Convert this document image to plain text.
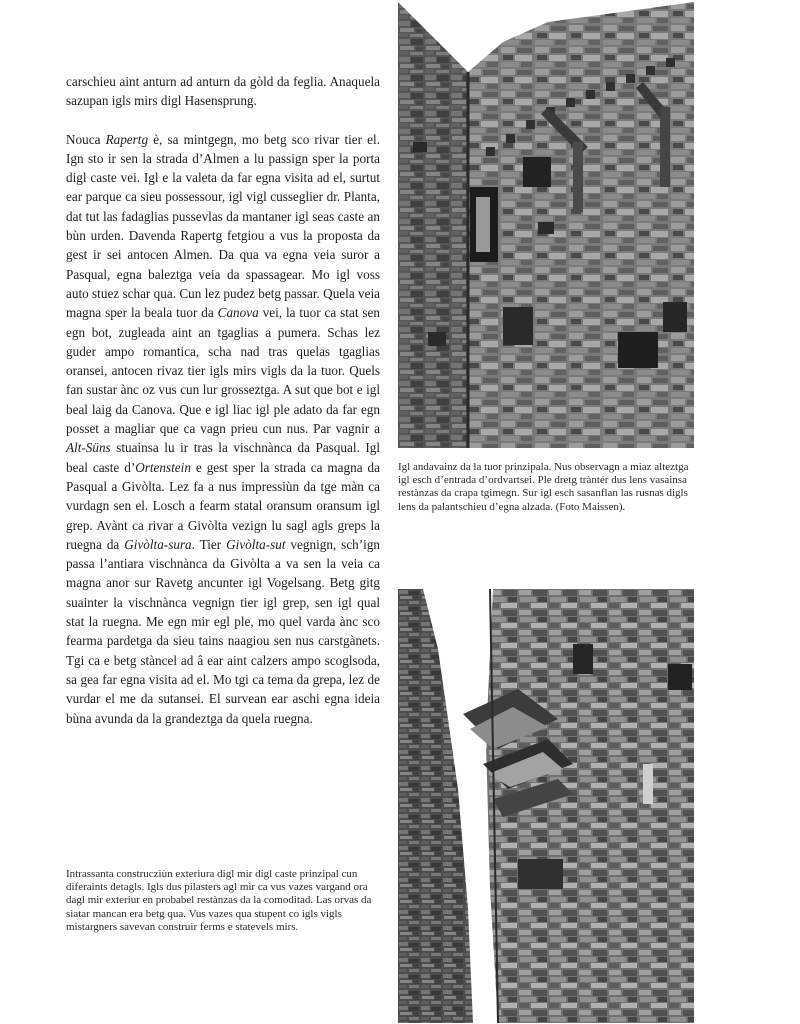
carschieu aint anturn ad anturn da gòld da feglia. Anaquela sazupan igls mirs digl Hasensprung.

Nouca Rapertg è, sa mintgegn, mo betg sco rivar tier el. Ign sto ir sen la strada d’Almen a lu passign sper la porta digl caste vei. Igl e la valeta da far egna visita ad el, surtut ear parque ca sieu possessour, igl vigl cusseglier dr. Planta, dat tut las fadaglias pussevlas da mantaner igl seas caste an bùn urden. Davenda Rapertg fetgiou a vus la proposta da gest ir sei antocen Almen. Da qua va egna veia suror a Pasqual, egna baleztga veia da spassagear. Mo igl voss auto stuez schar qua. Cun lez pudez betg passar. Quela veia magna sper la beala tuor da Canova vei, la tuor ca stat sen egn bot, zugleada aint an tgaglias a pumera. Schas lez guder ampo romantica, scha nad tras quelas tgaglias oransei, antocen rivaz tier igls mirs vigls da la tuor. Quels fan sustar ànc oz vus cun lur grosseztga. A sut que bot e igl beal laig da Canova. Que e igl liac igl ple adato da far egn posset a magliar que ca vagn prieu cun nus. Par vagnir a Alt-Süns stuainsa lu ir tras la vischnànca da Pasqual. Igl beal caste d’Ortenstein e gest sper la strada ca magna da Pasqual a Givòlta. Lez fa a nus impressiùn da tge màn ca vurdagn sen el. Losch a fearm statal oransum oransum igl grep. Avànt ca rivar a Givòlta vezign lu sagl agls greps la ruegna da Givòlta-sura. Tier Givòlta-sut vegnign, sch’ign passa l’antiara vischnànca da Givòlta a va sen la veia ca magna anor sur Ravetg ancunter igl Vogelsang. Betg gitg suainter la vischnànca vegnign tier igl grep, sen igl qual stat la ruegna. Me egn mir egl ple, mo quel varda ànc sco fearma pardetga da sieu tains naagiou sen nus carstgànets. Tgi ca e betg stàncel ad â ear aint calzers ampo scoglsoda, sa gea far egna visita ad el. Mo tgi ca tema da grepa, lez de vurdar el me da sutansei. El survean ear aschi egna ideia bùna avunda da la grandeztga da quela ruegna.

Igl andavainz da la tuor prinzipala. Nus observagn a miaz alteztga igl esch d’entrada d’ordvartsei. Ple dretg tràntér dus lens vasainsa restànzas da crapa tgimegn. Sur igl esch sasanflan las rusnas digls lens da palantschieu d’egna alzada. (Foto Maissen).
Intrassanta construcziùn exteriura digl mir digl caste prinzipal cun diferaints detagls. Igls dus pilasters agl mir ca vus vazes vargand ora dagl mir exteriur en probabel restànzas da la comoditad. Las orvas da siatar mancan era betg qua. Vus vazes qua stupent co igls vigls mistargners savevan construir ferms e statevels mirs.
